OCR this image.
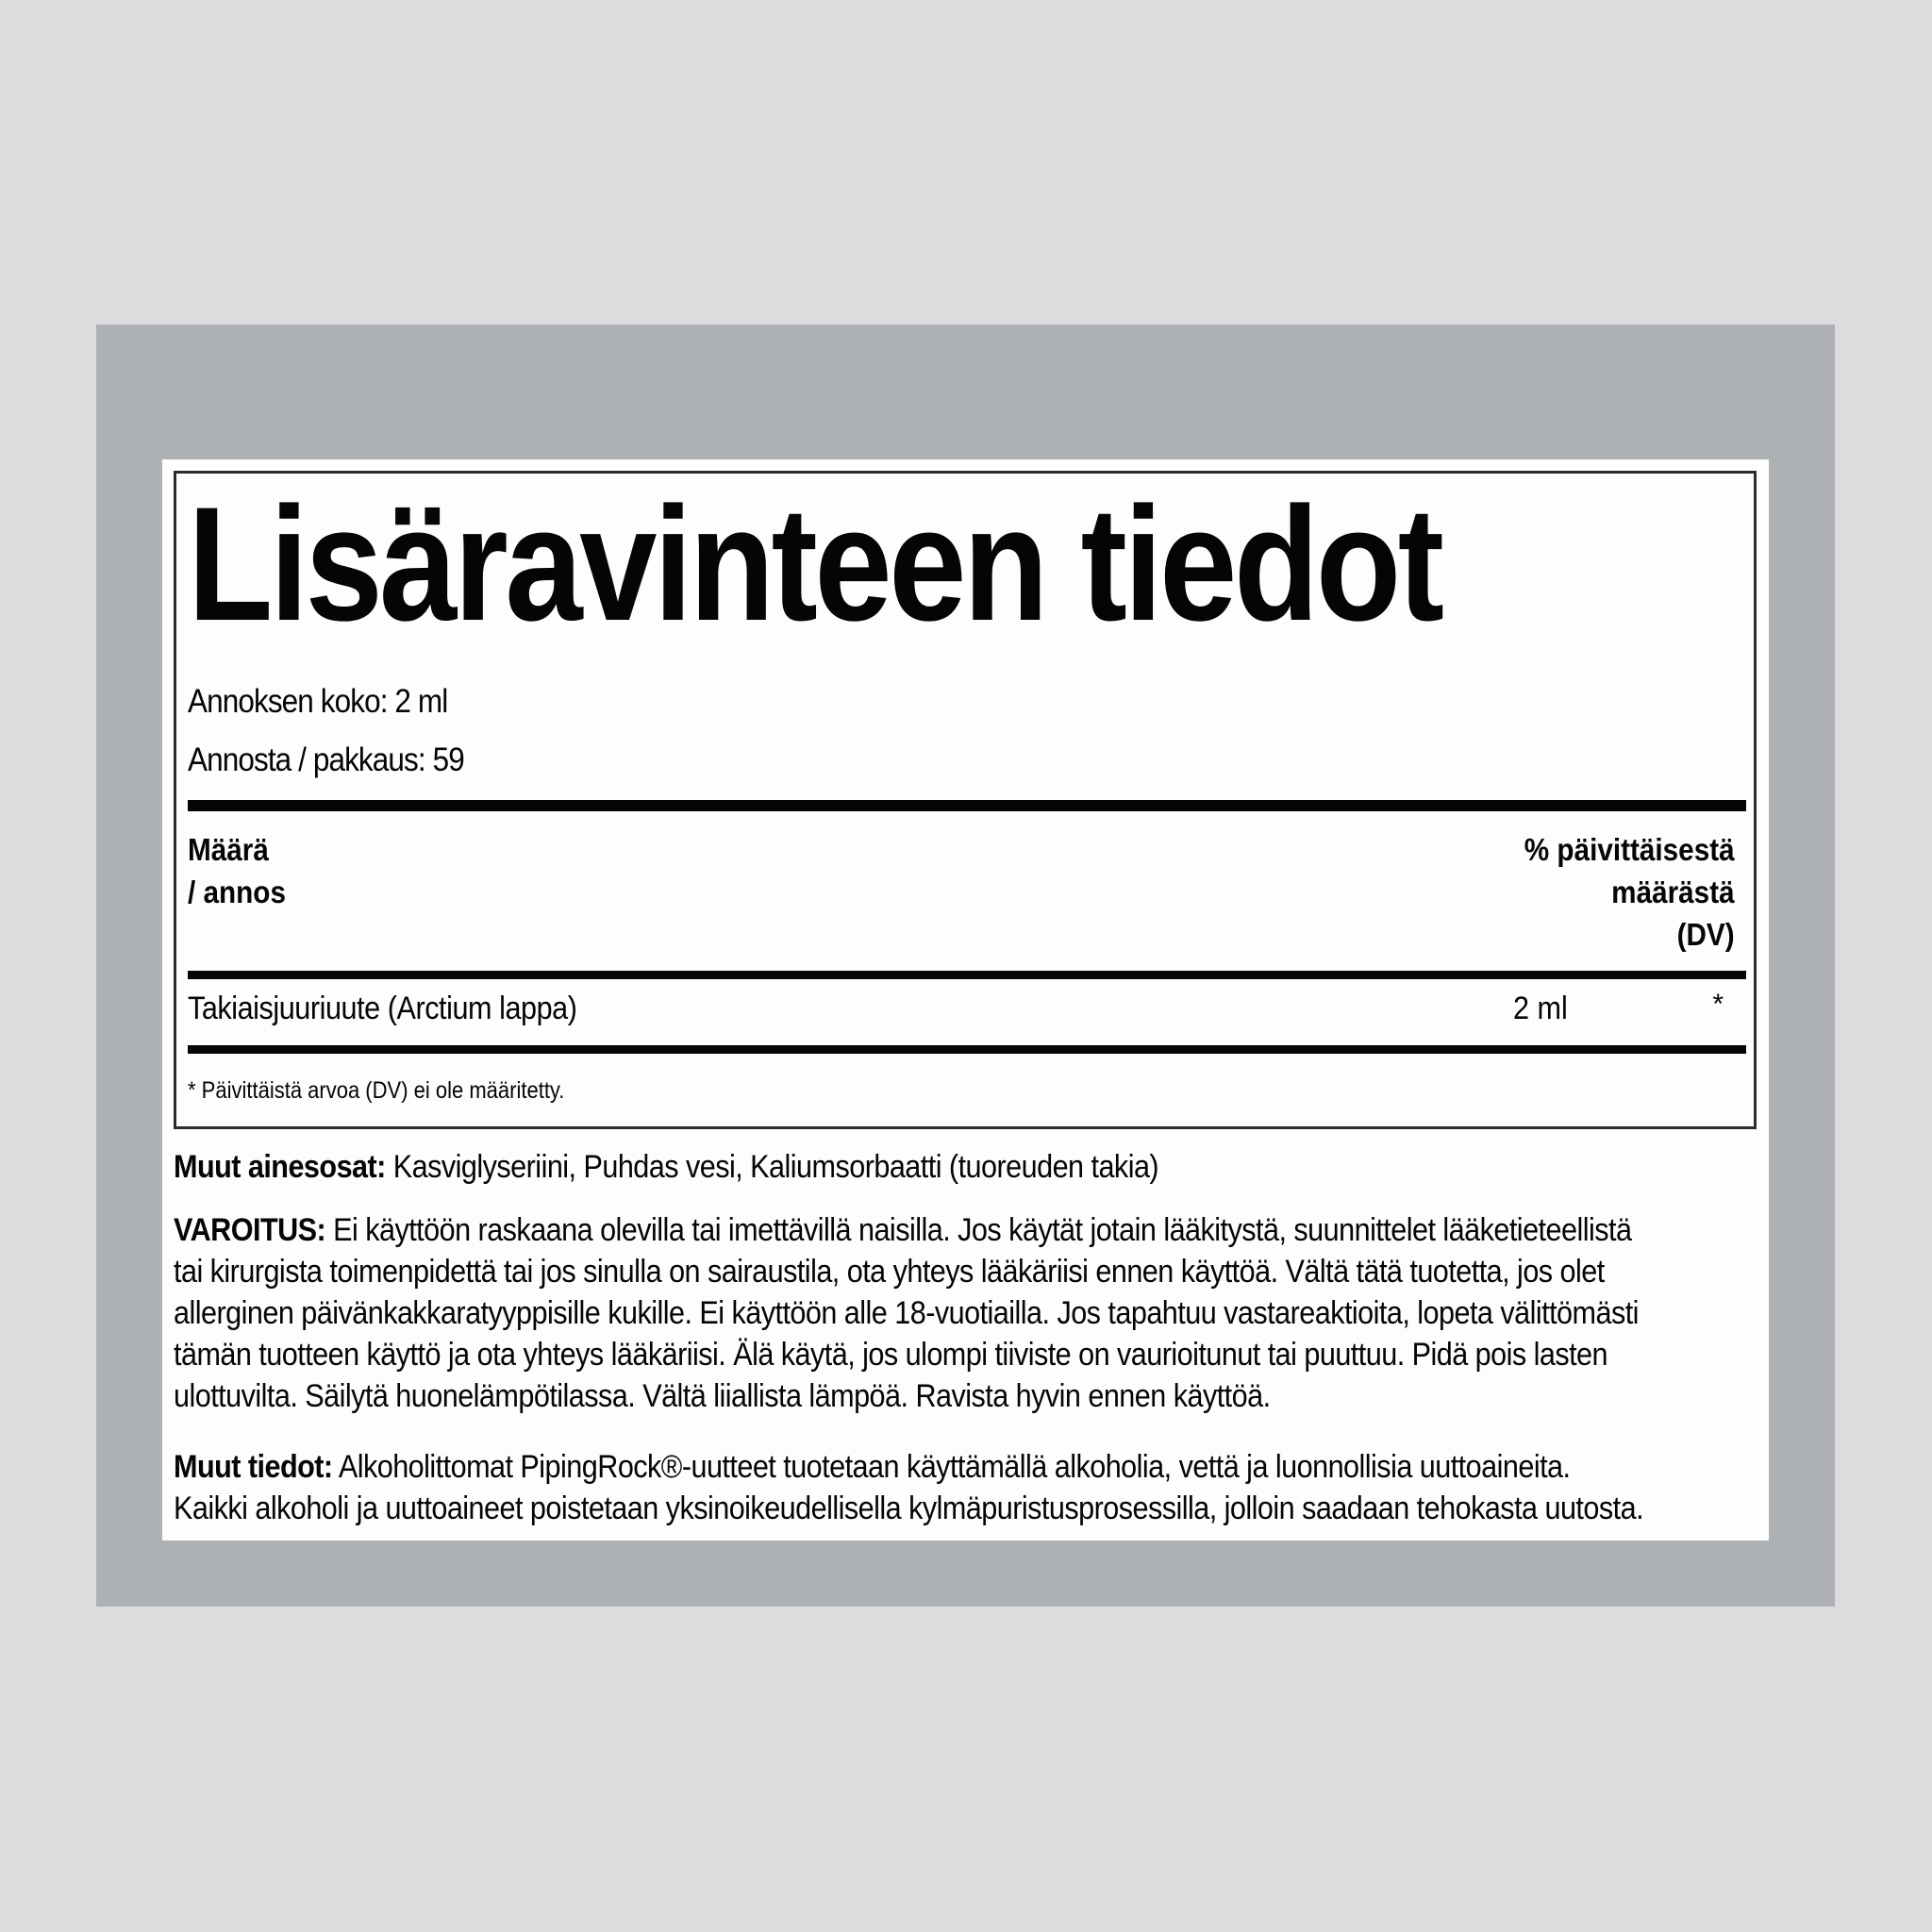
Lisäravinteen tiedot
Annoksen koko: 2 ml
Annosta / pakkaus: 59
Määrä
/ annos
% päivittäisestä
määrästä
(DV)
Takiaisjuuriuute (Arctium lappa)	2 ml	*
* Päivittäistä arvoa (DV) ei ole määritetty.
Muut ainesosat: Kasviglyseriini, Puhdas vesi, Kaliumsorbaatti (tuoreuden takia)
VAROITUS: Ei käyttöön raskaana olevilla tai imettävillä naisilla. Jos käytät jotain lääkitystä, suunnittelet lääketieteellistä
tai kirurgista toimenpidettä tai jos sinulla on sairaustila, ota yhteys lääkäriisi ennen käyttöä. Vältä tätä tuotetta, jos olet
allerginen päivänkakkaratyyppisille kukille. Ei käyttöön alle 18-vuotiailla. Jos tapahtuu vastareaktioita, lopeta välittömästi
tämän tuotteen käyttö ja ota yhteys lääkäriisi. Älä käytä, jos ulompi tiiviste on vaurioitunut tai puuttuu. Pidä pois lasten
ulottuvilta. Säilytä huonelämpötilassa. Vältä liiallista lämpöä. Ravista hyvin ennen käyttöä.
Muut tiedot: Alkoholittomat PipingRock®-uutteet tuotetaan käyttämällä alkoholia, vettä ja luonnollisia uuttoaineita.
Kaikki alkoholi ja uuttoaineet poistetaan yksinoikeudellisella kylmäpuristusprosessilla, jolloin saadaan tehokasta uutosta.
